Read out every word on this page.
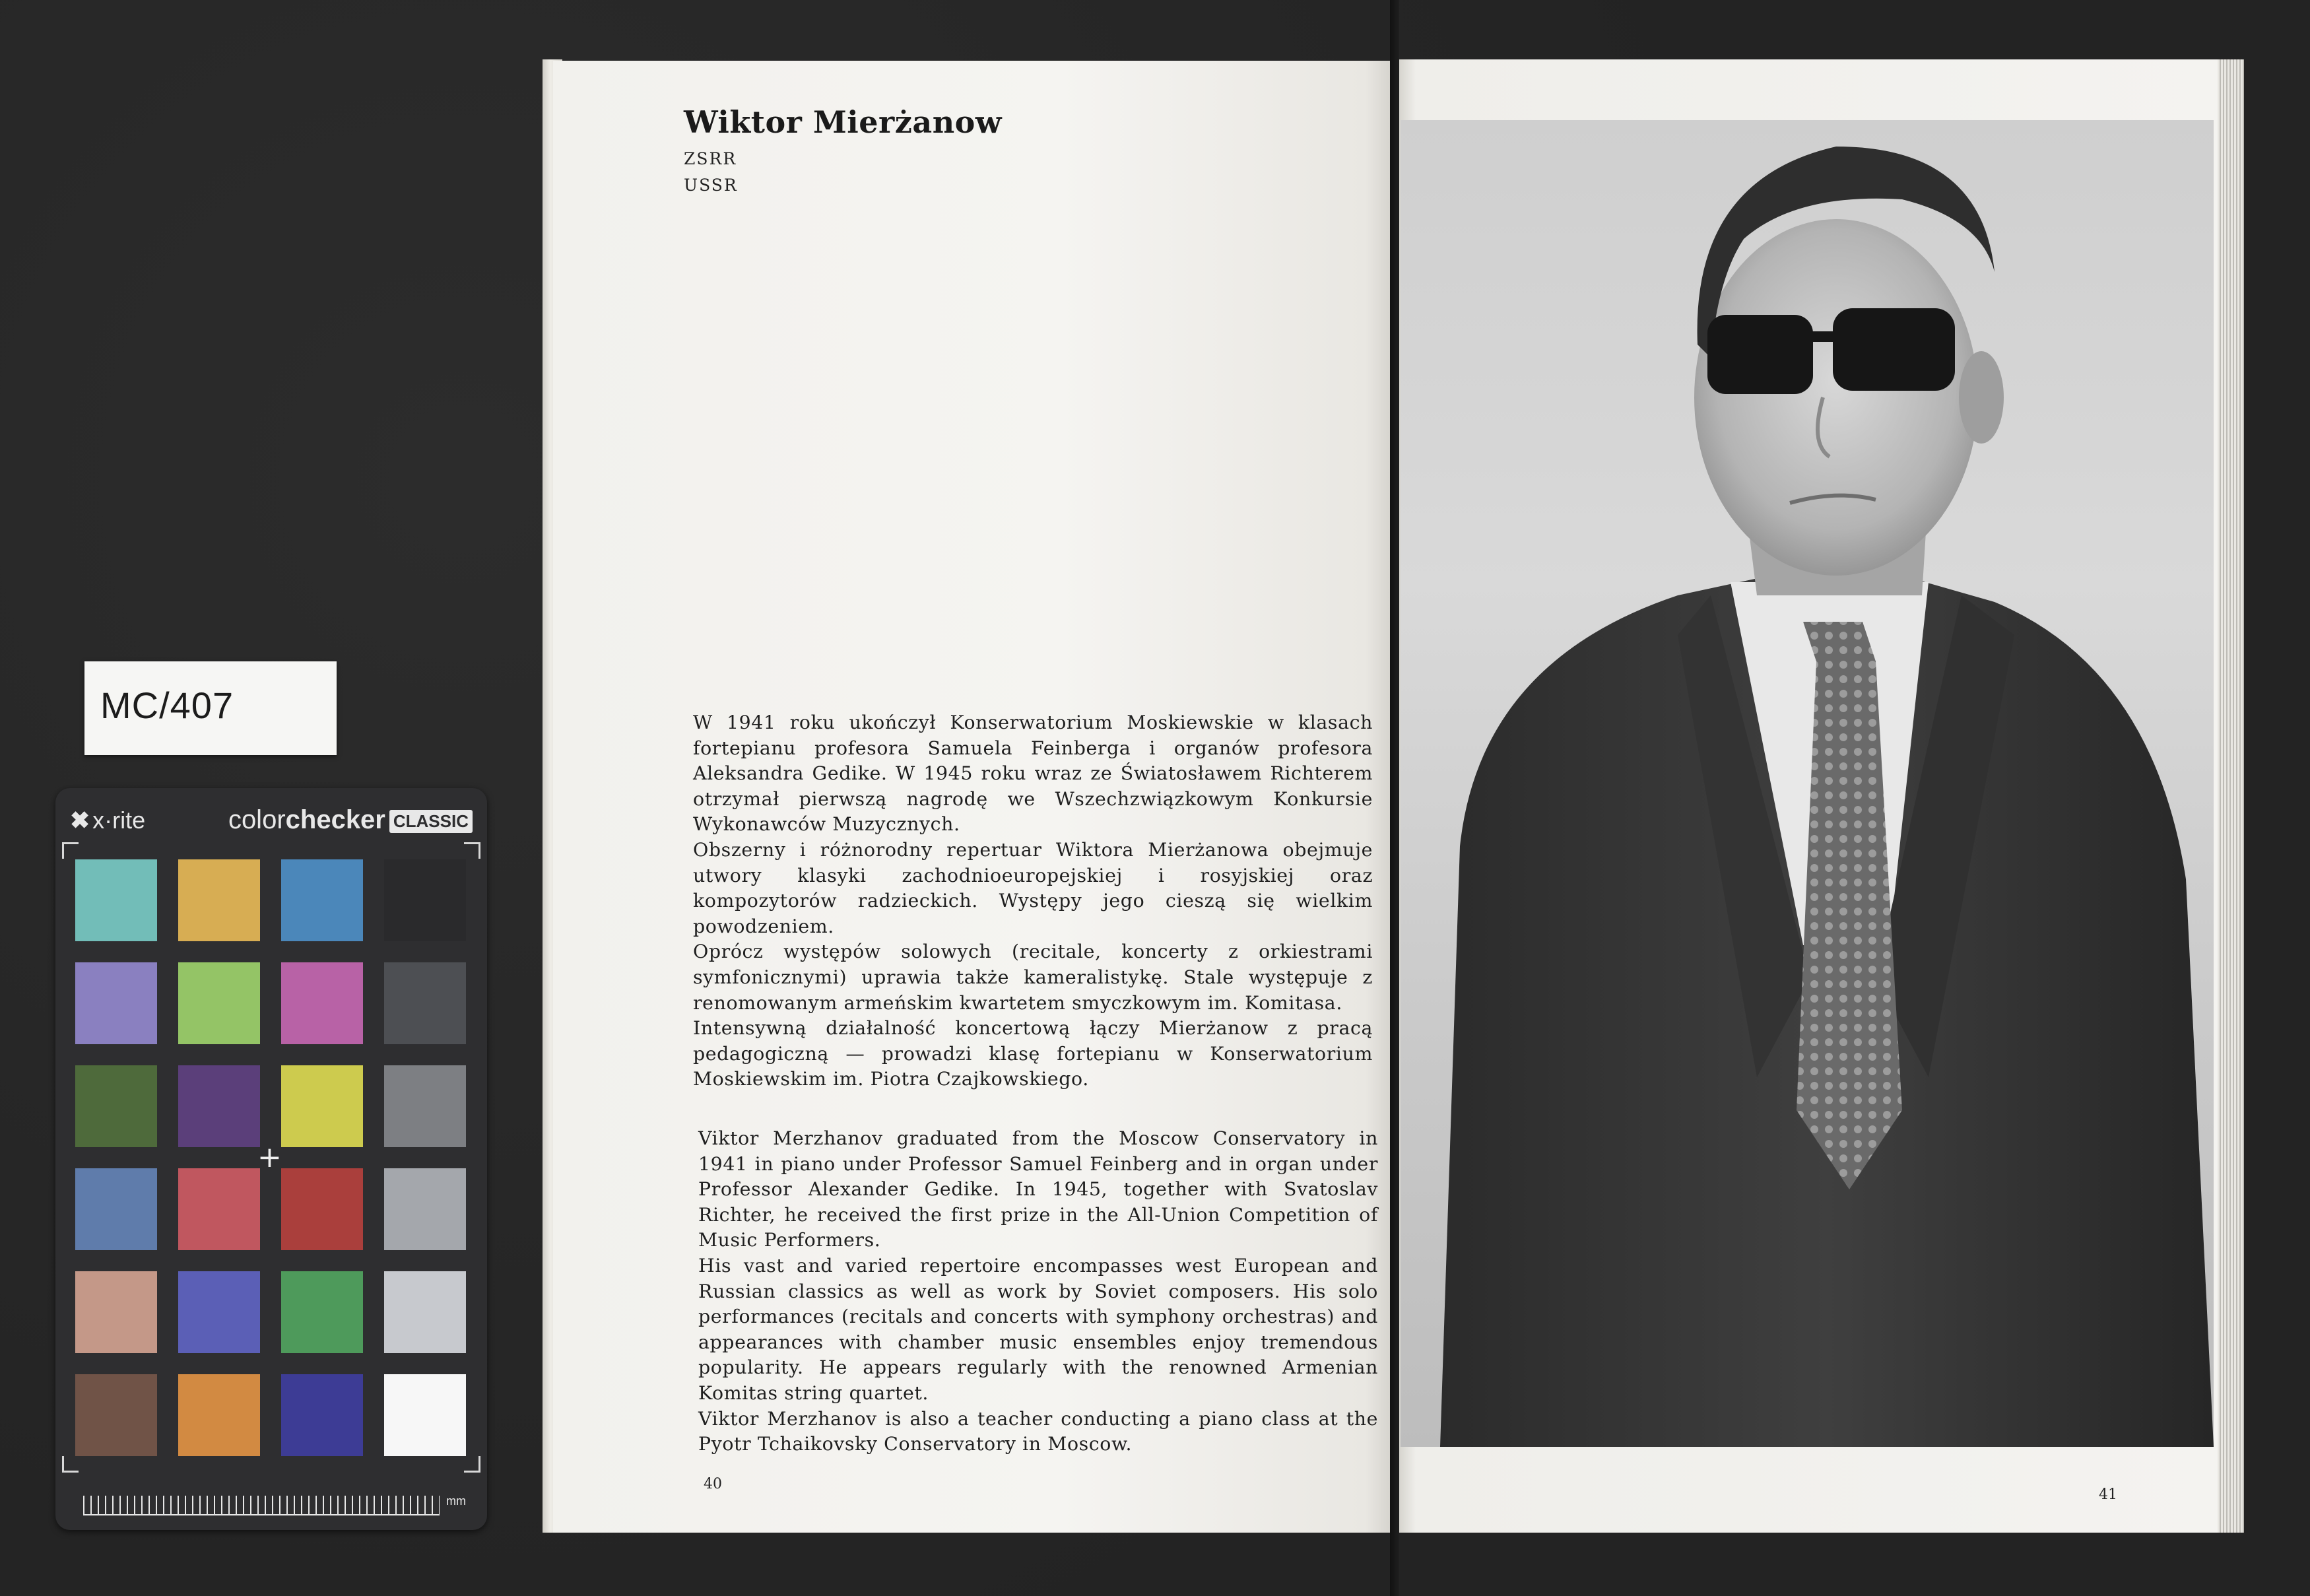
MC/407
✖ x·rite	colorchecker CLASSIC
+
mm
Wiktor Mierżanow
ZSRR
USSR

W 1941 roku ukończył Konserwatorium Moskiewskie w klasach fortepianu profesora Samuela Feinberga i organów profesora Aleksandra Gedike. W 1945 roku wraz ze Światosławem Richterem otrzymał pierwszą nagrodę we Wszechzwiązkowym Konkursie Wykonawców Muzycznych.

Obszerny i różnorodny repertuar Wiktora Mierżanowa obejmuje utwory klasyki zachodnioeuropejskiej i rosyjskiej oraz kompozytorów radzieckich. Występy jego cieszą się wielkim powodzeniem.

Oprócz występów solowych (recitale, koncerty z orkiestrami symfonicznymi) uprawia także kameralistykę. Stale występuje z renomowanym armeńskim kwartetem smyczkowym im. Komitasa.

Intensywną działalność koncertową łączy Mierżanow z pracą pedagogiczną — prowadzi klasę fortepianu w Konserwatorium Moskiewskim im. Piotra Czajkowskiego.

Viktor Merzhanov graduated from the Moscow Conservatory in 1941 in piano under Professor Samuel Feinberg and in organ under Professor Alexander Gedike. In 1945, together with Svatoslav Richter, he received the first prize in the All-Union Competition of Music Performers.

His vast and varied repertoire encompasses west European and Russian classics as well as work by Soviet composers. His solo performances (recitals and concerts with symphony orchestras) and appearances with chamber music ensembles enjoy tremendous popularity. He appears regularly with the renowned Armenian Komitas string quartet.

Viktor Merzhanov is also a teacher conducting a piano class at the Pyotr Tchaikovsky Conservatory in Moscow.

40
41
